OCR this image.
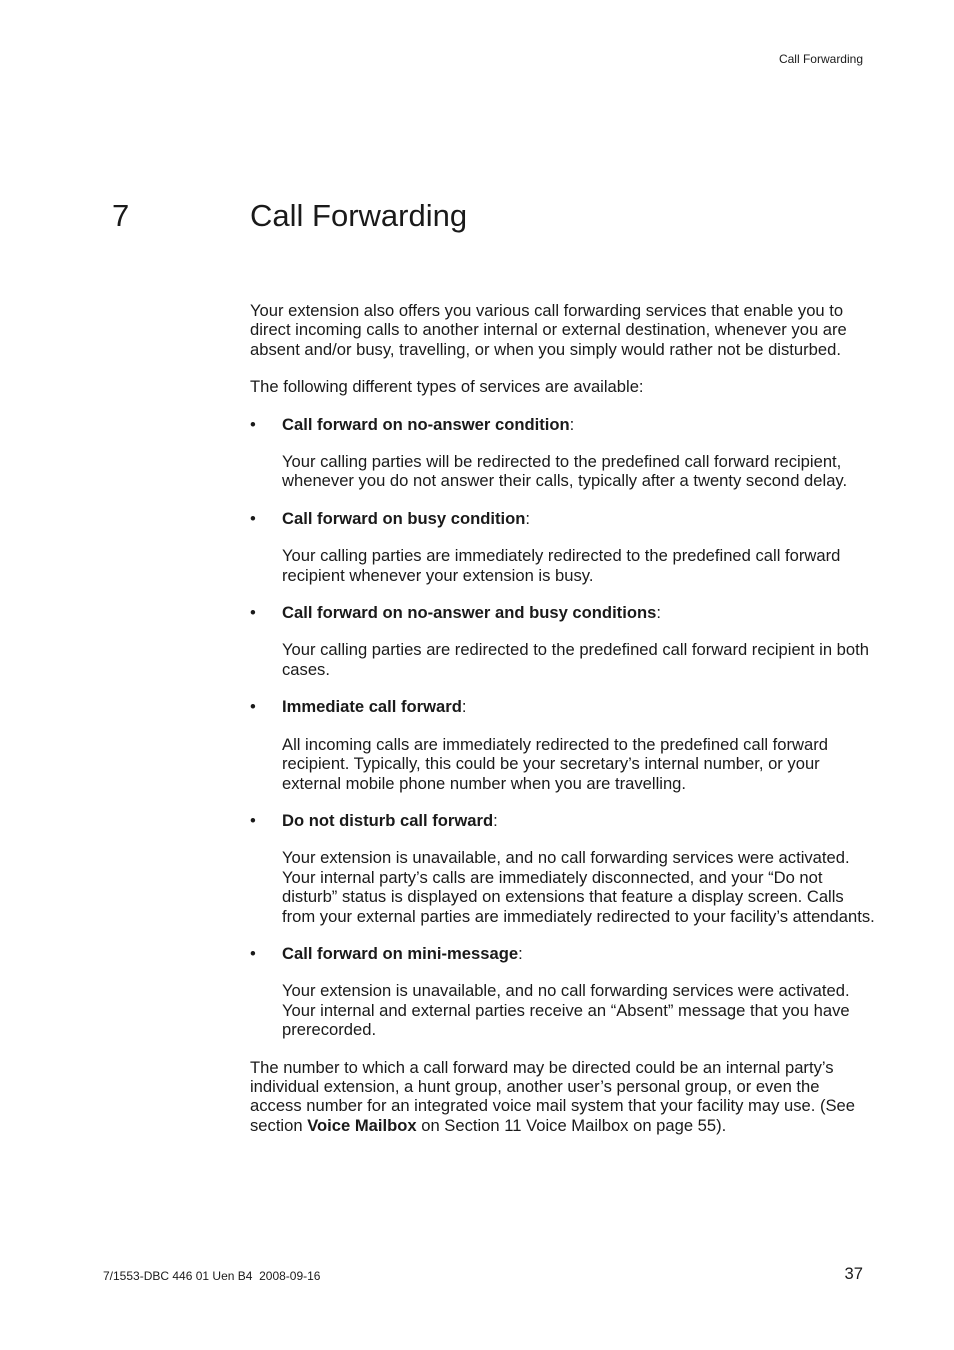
Call Forwarding
7	Call Forwarding

Your extension also offers you various call forwarding services that enable you to direct incoming calls to another internal or external destination, whenever you are absent and/or busy, travelling, or when you simply would rather not be disturbed.

The following different types of services are available:

• Call forward on no-answer condition:

Your calling parties will be redirected to the predefined call forward recipient, whenever you do not answer their calls, typically after a twenty second delay.

• Call forward on busy condition:

Your calling parties are immediately redirected to the predefined call forward recipient whenever your extension is busy.

• Call forward on no-answer and busy conditions:

Your calling parties are redirected to the predefined call forward recipient in both cases.

• Immediate call forward:

All incoming calls are immediately redirected to the predefined call forward recipient. Typically, this could be your secretary’s internal number, or your external mobile phone number when you are travelling.

• Do not disturb call forward:

Your extension is unavailable, and no call forwarding services were activated. Your internal party’s calls are immediately disconnected, and your “Do not disturb” status is displayed on extensions that feature a display screen. Calls from your external parties are immediately redirected to your facility’s attendants.

• Call forward on mini-message:

Your extension is unavailable, and no call forwarding services were activated. Your internal and external parties receive an “Absent” message that you have prerecorded.

The number to which a call forward may be directed could be an internal party’s individual extension, a hunt group, another user’s personal group, or even the access number for an integrated voice mail system that your facility may use. (See section Voice Mailbox on Section 11 Voice Mailbox on page 55).

7/1553-DBC 446 01 Uen B4  2008-09-16	37
